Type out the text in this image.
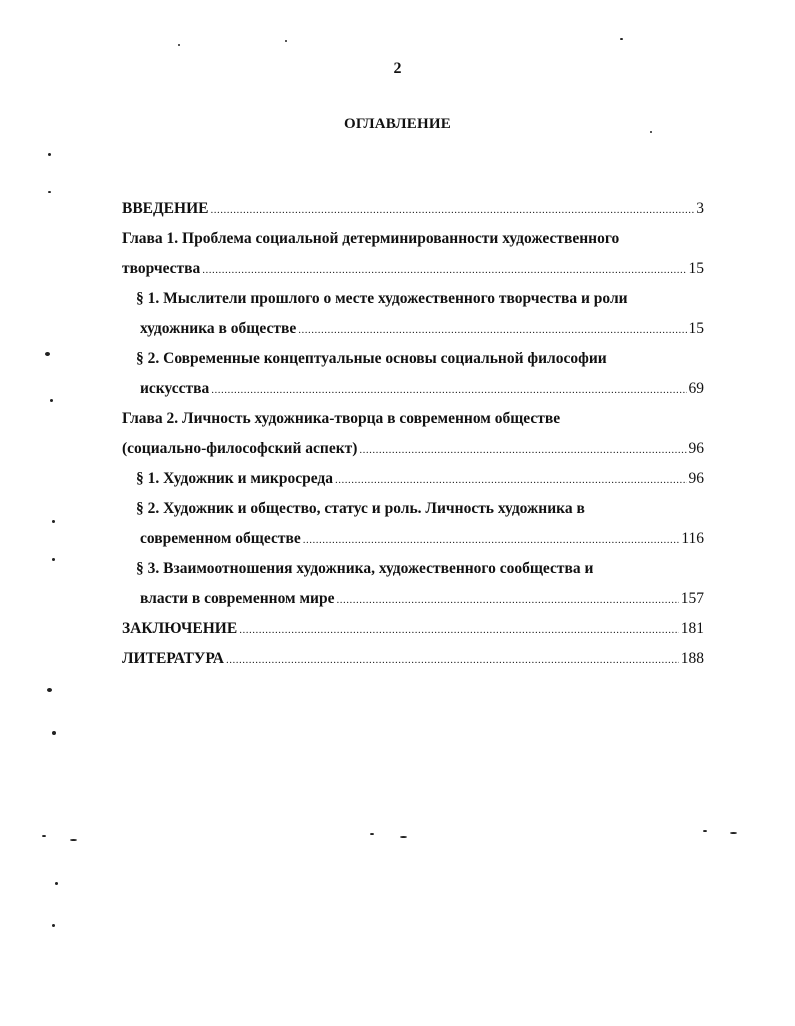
2
ОГЛАВЛЕНИЕ
ВВЕДЕНИЕ .....	3
Глава 1. Проблема социальной детерминированности художественного
творчества .....	15
§ 1. Мыслители прошлого о месте художественного творчества и роли
художника в обществе .....	15
§ 2. Современные концептуальные основы социальной философии
искусства .....	69
Глава 2. Личность художника-творца в современном обществе
(социально-философский аспект) .....	96
§ 1. Художник и микросреда .....	96
§ 2. Художник и общество, статус и роль. Личность художника в
современном обществе .....	116
§ 3. Взаимоотношения художника, художественного сообщества и
власти в современном мире .....	157
ЗАКЛЮЧЕНИЕ .....	181
ЛИТЕРАТУРА .....	188
